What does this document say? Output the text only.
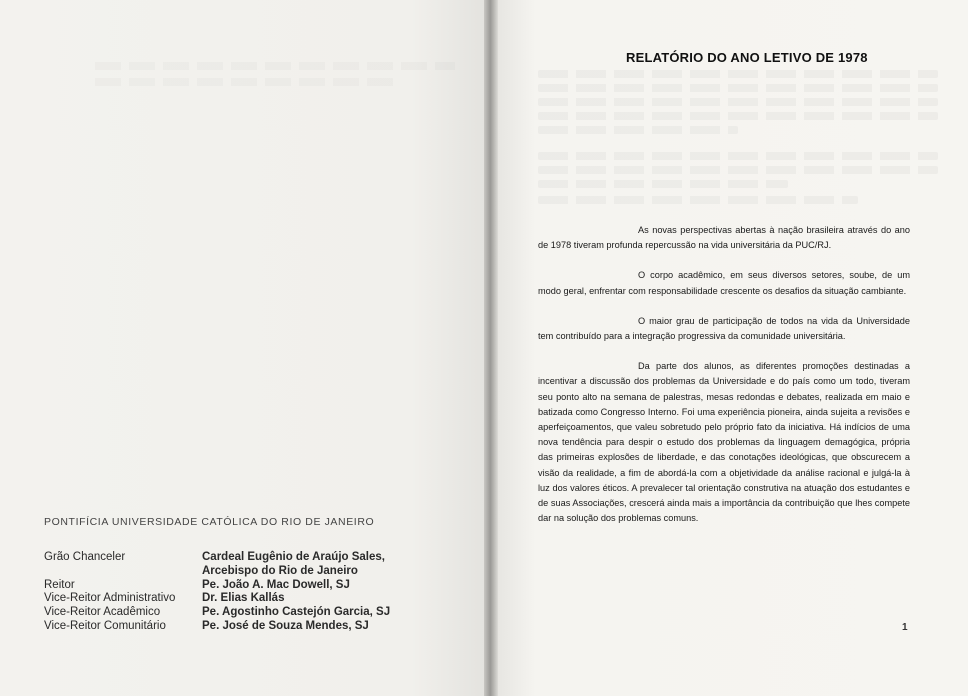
PONTIFÍCIA UNIVERSIDADE CATÓLICA DO RIO DE JANEIRO
Grão Chanceler
Reitor
Vice-Reitor Administrativo
Vice-Reitor Acadêmico
Vice-Reitor Comunitário
Cardeal Eugênio de Araújo Sales,
Arcebispo do Rio de Janeiro
Pe. João A. Mac Dowell, SJ
Dr. Elias Kallás
Pe. Agostinho Castejón Garcia, SJ
Pe. José de Souza Mendes, SJ
RELATÓRIO DO ANO LETIVO DE 1978

As novas perspectivas abertas à nação brasileira através do ano de 1978 tiveram profunda repercussão na vida universitária da PUC/RJ.

O corpo acadêmico, em seus diversos setores, soube, de um modo geral, enfrentar com responsabilidade crescente os desafios da situação cambiante.

O maior grau de participação de todos na vida da Universidade tem contribuído para a integração progressiva da comunidade universitária.

Da parte dos alunos, as diferentes promoções destinadas a incentivar a discussão dos problemas da Universidade e do país como um todo, tiveram seu ponto alto na semana de palestras, mesas redondas e debates, realizada em maio e batizada como Congresso Interno. Foi uma experiência pioneira, ainda sujeita a revisões e aperfeiçoamentos, que valeu sobretudo pelo próprio fato da iniciativa. Há indícios de uma nova tendência para despir o estudo dos problemas da linguagem demagógica, própria das primeiras explosões de liberdade, e das conotações ideológicas, que obscurecem a visão da realidade, a fim de abordá-la com a objetividade da análise racional e julgá-la à luz dos valores éticos. A prevalecer tal orientação construtiva na atuação dos estudantes e de suas Associações, crescerá ainda mais a importância da contribuição que lhes compete dar na solução dos problemas comuns.

1
